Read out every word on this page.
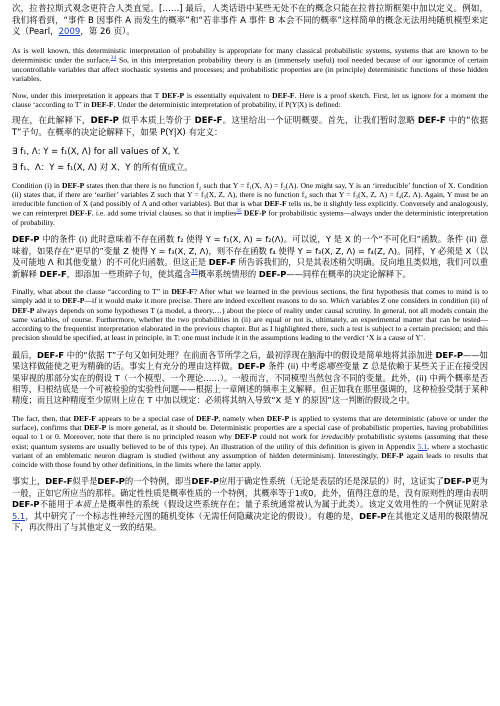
次，拉普拉斯式观念更符合人类直觉。[……] 最后，人类话语中某些无处不在的概念只能在拉普拉斯框架中加以定义。例如，我们将看到，“事件 B 因事件 A 而发生的概率”和“若非事件 A 事件 B 本会不同的概率”这样简单的概念无法用纯随机模型来定义（Pearl，2009，第 26 页）。

As is well known, this deterministic interpretation of probability is appropriate for many classical probabilistic systems, systems that are known to be deterministic under the surface.$^{34}$ So, in this interpretation probability theory is an (immensely useful) tool needed because of our ignorance of certain uncontrollable variables that affect stochastic systems and processes; and probabilistic properties are (in principle) deterministic functions of these hidden variables.

Now, under this interpretation it appears that T DEF-P is essentially equivalent to DEF-F. Here is a proof sketch. First, let us ignore for a moment the clause ‘according to T’ in DEF-F. Under the deterministic interpretation of probability, if P(Y|X) is defined:

现在，在此解释下，DEF-P 似乎本质上等价于 DEF-F。这里给出一个证明概要。首先，让我们暂时忽略 DEF-F 中的“依据 T”子句。在概率的决定论解释下，如果 P(Y|X) 有定义：

∃ f₁, Λ: Y = f₁(X, Λ) for all values of X, Y.
∃ f₁、Λ：Y = f₁(X, Λ) 对 X、Y 的所有值成立。

Condition (i) in DEF-P states then that there is no function f₂ such that Y = f₁(X, Λ) = f₂(Λ). One might say, Y is an ‘irreducible’ function of X. Condition (ii) states that, if there are ‘earlier’ variables Z such that Y = f₃(X, Z, Λ), there is no function f₄ such that Y = f₃(X, Z, Λ) = f₄(Z, Λ). Again, Y must be an irreducible function of X (and possibly of Λ and other variables). But that is what DEF-F tells us, be it slightly less explicitly. Conversely and analogously, we can reinterpret DEF-F, i.e. add some trivial clauses, so that it implies$^{35}$ DEF-P for probabilistic systems—always under the deterministic interpretation of probability.

DEF-P 中的条件 (i) 此时意味着不存在函数 f₂ 使得 Y = f₁(X, Λ) = f₂(Λ)。可以说，Y 是 X 的一个“不可化归”函数。条件 (ii) 意味着，如果存在“更早的”变量 Z 使得 Y = f₃(X, Z, Λ)，则不存在函数 f₄ 使得 Y = f₃(X, Z, Λ) = f₄(Z, Λ)。同样，Y 必须是 X（以及可能地 Λ 和其他变量）的不可化归函数。但这正是 DEF-F 所告诉我们的，只是其表述稍欠明确。反向地且类似地，我们可以重新解释 DEF-F，即添加一些琐碎子句，使其蕴含$^{35}$概率系统情形的 DEF-P——同样在概率的决定论解释下。

Finally, what about the clause “according to T” in DEF-F? After what we learned in the previous sections, the first hypothesis that comes to mind is to simply add it to DEF-P—if it would make it more precise. There are indeed excellent reasons to do so. Which variables Z one considers in condition (ii) of DEF-P always depends on some hypotheses T (a model, a theory,…) about the piece of reality under causal scrutiny. In general, not all models contain the same variables, of course. Furthermore, whether the two probabilities in (ii) are equal or not is, ultimately, an experimental matter that can be tested—according to the frequentist interpretation elaborated in the previous chapter. But as I highlighted there, such a test is subject to a certain precision; and this precision should be specified, at least in principle, in T: one must include it in the assumptions leading to the verdict ‘X is a cause of Y’.

最后，DEF-F 中的“依据 T”子句又如何处理？在前面各节所学之后，最初浮现在脑海中的假设是简单地将其添加进 DEF-P——如果这样做能使之更为精确的话。事实上有充分的理由这样做。DEF-P 条件 (ii) 中考虑哪些变量 Z 总是依赖于某些关于正在接受因果审视的那部分实在的假设 T（一个模型、一个理论……）。一般而言，不同模型当然包含不同的变量。此外，(ii) 中两个概率是否相等，归根结底是一个可被检验的实验性问题——根据上一章阐述的频率主义解释。但正如我在那里强调的，这种检验受制于某种精度；而且这种精度至少原则上应在 T 中加以规定：必须将其纳入导致“X 是 Y 的原因”这一判断的假设之中。

The fact, then, that DEF-F appears to be a special case of DEF-P, namely when DEF-P is applied to systems that are deterministic (above or under the surface), confirms that DEF-P is more general, as it should be. Deterministic properties are a special case of probabilistic properties, having probabilities equal to 1 or 0. Moreover, note that there is no principled reason why DEF-P could not work for irreducibly probabilistic systems (assuming that these exist; quantum systems are usually believed to be of this type). An illustration of the utility of this definition is given in Appendix 5.1, where a stochastic variant of an emblematic neuron diagram is studied (without any assumption of hidden determinism). Interestingly, DEF-P again leads to results that coincide with those found by other definitions, in the limits where the latter apply.

事实上，DEF-F似乎是DEF-P的一个特例，即当DEF-P应用于确定性系统（无论是表层的还是深层的）时，这证实了DEF-P更为一般，正如它所应当的那样。确定性性质是概率性质的一个特例，其概率等于1或0。此外，值得注意的是，没有原则性的理由表明DEF-P不能用于本质上是概率性的系统（假设这些系统存在；量子系统通常被认为属于此类）。该定义效用性的一个例证见附录5.1，其中研究了一个标志性神经元图的随机变体（无需任何隐藏决定论的假设）。有趣的是，DEF-P在其他定义适用的极限情况下，再次得出了与其他定义一致的结果。
